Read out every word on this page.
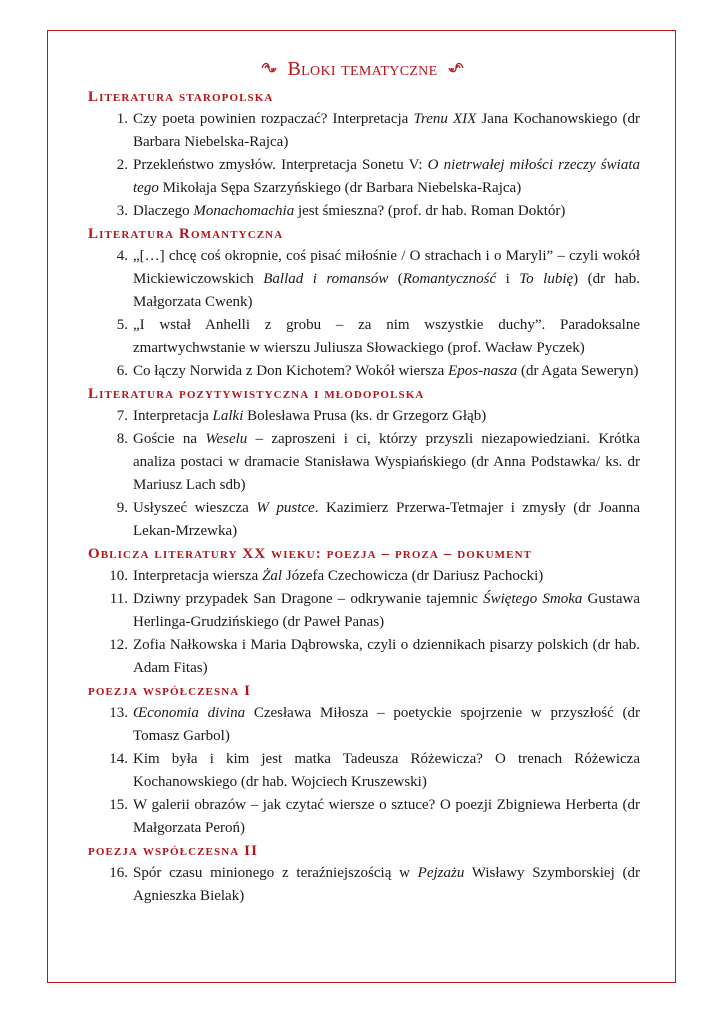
Bloki tematyczne
Literatura staropolska
1. Czy poeta powinien rozpaczać? Interpretacja Trenu XIX Jana Kochanowskiego (dr Barbara Niebelska-Rajca)
2. Przekleństwo zmysłów. Interpretacja Sonetu V: O nietrwałej miłości rzeczy świata tego Mikołaja Sępa Szarzyńskiego (dr Barbara Niebelska-Rajca)
3. Dlaczego Monachomachia jest śmieszna? (prof. dr hab. Roman Doktór)
Literatura Romantyczna
4. „[…] chcę coś okropnie, coś pisać miłośnie / O strachach i o Maryli” – czyli wokół Mickiewiczowskich Ballad i romansów (Romantyczność i To lubię) (dr hab. Małgorzata Cwenk)
5. „I wstał Anhelli z grobu – za nim wszystkie duchy”. Paradoksalne zmartwychwstanie w wierszu Juliusza Słowackiego (prof. Wacław Pyczek)
6. Co łączy Norwida z Don Kichotem? Wokół wiersza Epos-nasza (dr Agata Seweryn)
Literatura pozytywistyczna i młodopolska
7. Interpretacja Lalki Bolesława Prusa (ks. dr Grzegorz Głąb)
8. Goście na Weselu – zaproszeni i ci, którzy przyszli niezapowiedziani. Krótka analiza postaci w dramacie Stanisława Wyspiańskiego (dr Anna Podstawka/ ks. dr Mariusz Lach sdb)
9. Usłyszeć wieszcza W pustce. Kazimierz Przerwa-Tetmajer i zmysły (dr Joanna Lekan-Mrzewka)
Oblicza literatury XX wieku: poezja – proza – dokument
10. Interpretacja wiersza Żal Józefa Czechowicza (dr Dariusz Pachocki)
11. Dziwny przypadek San Dragone – odkrywanie tajemnic Świętego Smoka Gustawa Herlinga-Grudzińskiego (dr Paweł Panas)
12. Zofia Nałkowska i Maria Dąbrowska, czyli o dziennikach pisarzy polskich (dr hab. Adam Fitas)
poezja współczesna I
13. Œconomia divina Czesława Miłosza – poetyckie spojrzenie w przyszłość (dr Tomasz Garbol)
14. Kim była i kim jest matka Tadeusza Różewicza? O trenach Różewicza Kochanowskiego (dr hab. Wojciech Kruszewski)
15. W galerii obrazów – jak czytać wiersze o sztuce? O poezji Zbigniewa Herberta (dr Małgorzata Peroń)
poezja współczesna II
16. Spór czasu minionego z teraźniejszością w Pejzażu Wisławy Szymborskiej (dr Agnieszka Bielak)
